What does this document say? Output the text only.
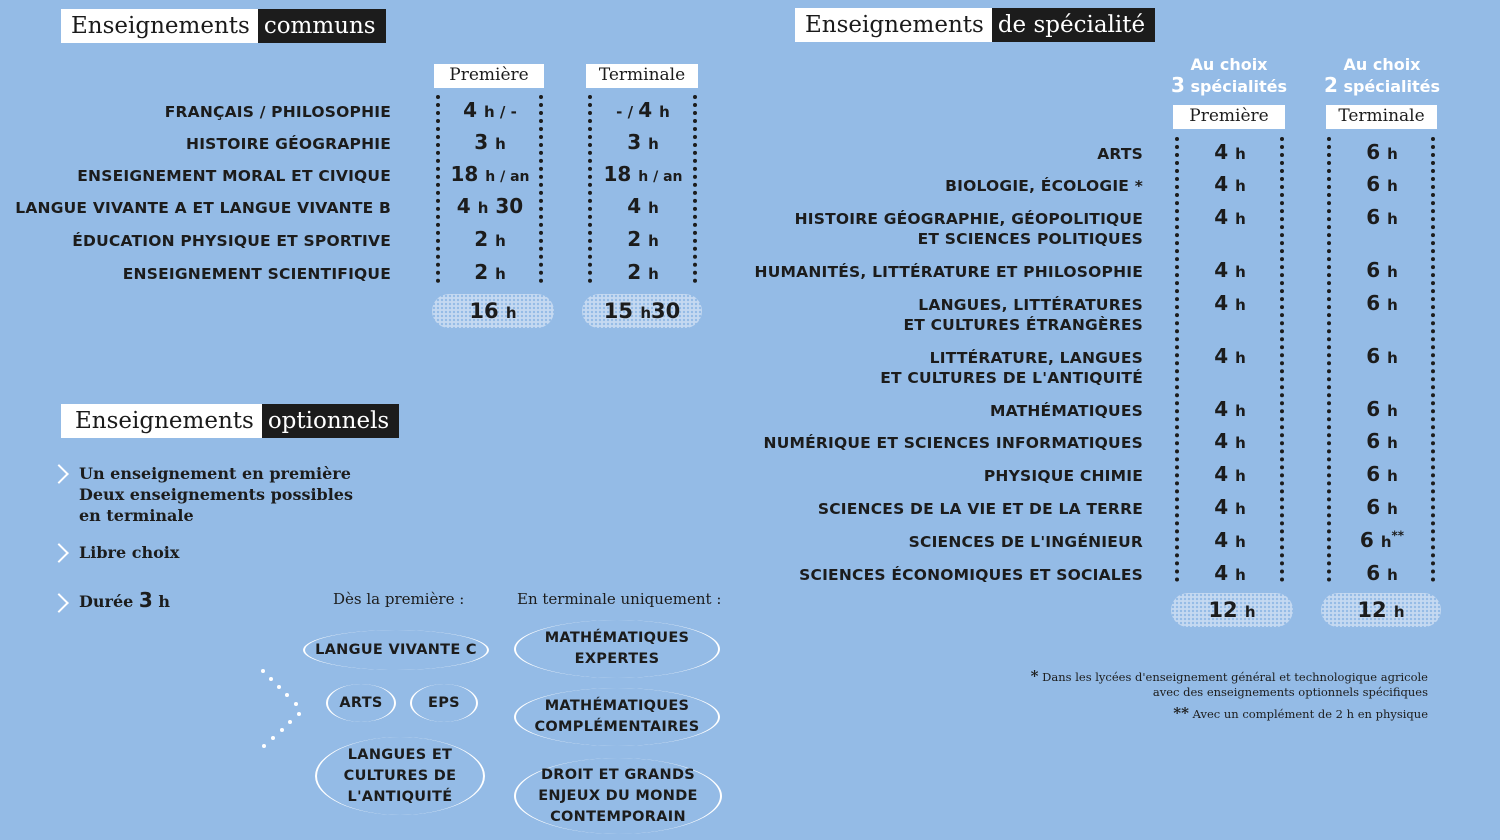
Enseignements communs
Première	Terminale
FRANÇAIS / PHILOSOPHIE	4 h / -	- / 4 h
HISTOIRE GÉOGRAPHIE	3 h	3 h
ENSEIGNEMENT MORAL ET CIVIQUE	18 h / an	18 h / an
LANGUE VIVANTE A ET LANGUE VIVANTE B	4 h 30	4 h
ÉDUCATION PHYSIQUE ET SPORTIVE	2 h	2 h
ENSEIGNEMENT SCIENTIFIQUE	2 h	2 h
16 h	15 h30
Enseignements optionnels
Un enseignement en première
Deux enseignements possibles
en terminale
Libre choix
Durée 3 h	Dès la première :	En terminale uniquement :
LANGUE VIVANTE C
ARTS	EPS
LANGUES ET
CULTURES DE
L'ANTIQUITÉ
MATHÉMATIQUES
EXPERTES
MATHÉMATIQUES
COMPLÉMENTAIRES
DROIT ET GRANDS
ENJEUX DU MONDE
CONTEMPORAIN
Enseignements de spécialité
Au choix
3 spécialités
Au choix
2 spécialités
Première	Terminale
ARTS	4 h	6 h
BIOLOGIE, ÉCOLOGIE *	4 h	6 h
HISTOIRE GÉOGRAPHIE, GÉOPOLITIQUE
ET SCIENCES POLITIQUES
4 h	6 h
HUMANITÉS, LITTÉRATURE ET PHILOSOPHIE	4 h	6 h
LANGUES, LITTÉRATURES
ET CULTURES ÉTRANGÈRES
4 h	6 h
LITTÉRATURE, LANGUES
ET CULTURES DE L'ANTIQUITÉ
4 h	6 h
MATHÉMATIQUES	4 h	6 h
NUMÉRIQUE ET SCIENCES INFORMATIQUES	4 h	6 h
PHYSIQUE CHIMIE	4 h	6 h
SCIENCES DE LA VIE ET DE LA TERRE	4 h	6 h
SCIENCES DE L'INGÉNIEUR	4 h	6 h**
SCIENCES ÉCONOMIQUES ET SOCIALES	4 h	6 h
12 h	12 h
* Dans les lycées d'enseignement général et technologique agricole
avec des enseignements optionnels spécifiques
** Avec un complément de 2 h en physique
